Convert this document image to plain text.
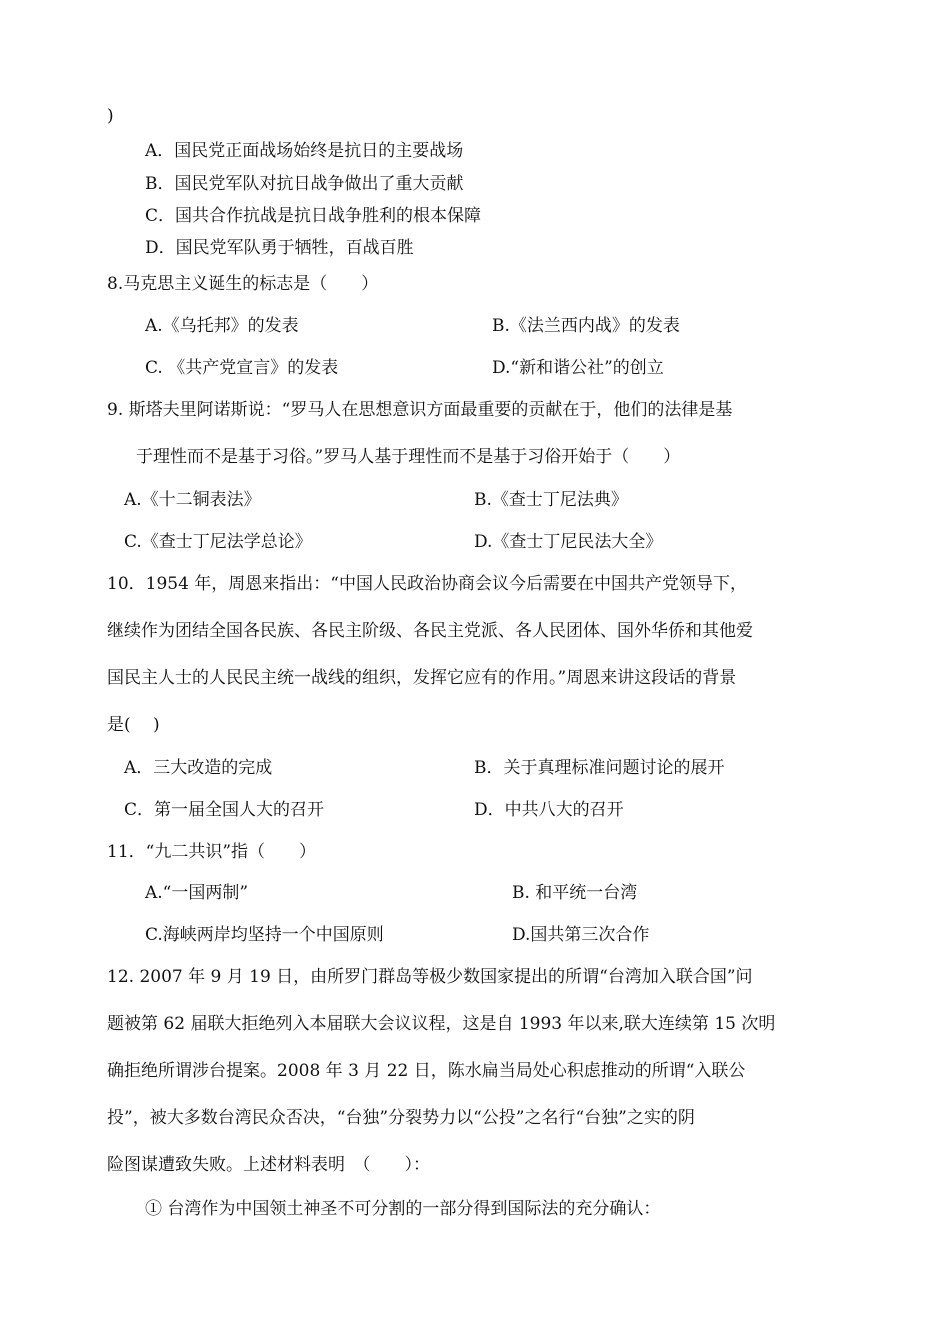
)
A．国民党正面战场始终是抗日的主要战场
B．国民党军队对抗日战争做出了重大贡献
C．国共合作抗战是抗日战争胜利的根本保障
D．国民党军队勇于牺牲，百战百胜
8.马克思主义诞生的标志是（　　）
A.《乌托邦》的发表	B.《法兰西内战》的发表
C. 《共产党宣言》的发表	D.“新和谐公社”的创立
9. 斯塔夫里阿诺斯说：“罗马人在思想意识方面最重要的贡献在于，他们的法律是基
于理性而不是基于习俗。”罗马人基于理性而不是基于习俗开始于（　　）
A.《十二铜表法》	B.《查士丁尼法典》
C.《查士丁尼法学总论》	D.《查士丁尼民法大全》
10．1954 年，周恩来指出：“中国人民政治协商会议今后需要在中国共产党领导下，
继续作为团结全国各民族、各民主阶级、各民主党派、各人民团体、国外华侨和其他爱
国民主人士的人民民主统一战线的组织，发挥它应有的作用。”周恩来讲这段话的背景
是(　 )
A．三大改造的完成	B．关于真理标准问题讨论的展开
C．第一届全国人大的召开	D．中共八大的召开
11．“九二共识”指（　　）
A.“一国两制”	B. 和平统一台湾
C.海峡两岸均坚持一个中国原则	D.国共第三次合作
12. 2007 年 9 月 19 日，由所罗门群岛等极少数国家提出的所谓“台湾加入联合国”问
题被第 62 届联大拒绝列入本届联大会议议程，这是自 1993 年以来,联大连续第 15 次明
确拒绝所谓涉台提案。2008 年 3 月 22 日，陈水扁当局处心积虑推动的所谓“入联公
投”，被大多数台湾民众否决，“台独”分裂势力以“公投”之名行“台独”之实的阴
险图谋遭致失败。上述材料表明　（　　）：
① 台湾作为中国领土神圣不可分割的一部分得到国际法的充分确认：
